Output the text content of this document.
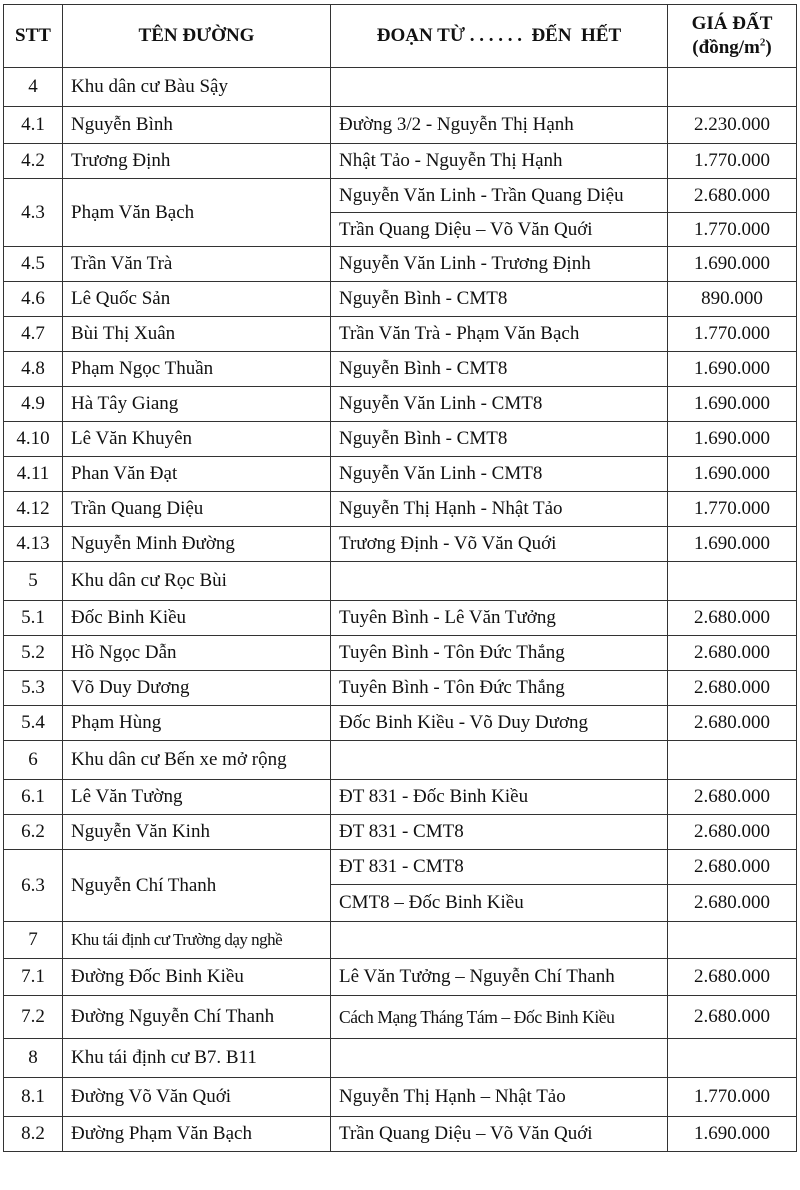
STT	TÊN ĐƯỜNG	ĐOẠN TỪ . . . . . .  ĐẾN  HẾT	GIÁ ĐẤT
$(đồng/m^2)$

4	Khu dân cư Bàu Sậy		
4.1	Nguyễn Bình	Đường 3/2 - Nguyễn Thị Hạnh	2.230.000
4.2	Trương Định	Nhật Tảo - Nguyễn Thị Hạnh	1.770.000
4.3	Phạm Văn Bạch	Nguyễn Văn Linh - Trần Quang Diệu	2.680.000
		Trần Quang Diệu – Võ Văn Quới	1.770.000
4.5	Trần Văn Trà	Nguyễn Văn Linh - Trương Định	1.690.000
4.6	Lê Quốc Sản	Nguyễn Bình - CMT8	890.000
4.7	Bùi Thị Xuân	Trần Văn Trà - Phạm Văn Bạch	1.770.000
4.8	Phạm Ngọc Thuần	Nguyễn Bình - CMT8	1.690.000
4.9	Hà Tây Giang	Nguyễn Văn Linh - CMT8	1.690.000
4.10	Lê Văn Khuyên	Nguyễn Bình - CMT8	1.690.000
4.11	Phan Văn Đạt	Nguyễn Văn Linh - CMT8	1.690.000
4.12	Trần Quang Diệu	Nguyễn Thị Hạnh - Nhật Tảo	1.770.000
4.13	Nguyễn Minh Đường	Trương Định - Võ Văn Quới	1.690.000
5	Khu dân cư Rọc Bùi		
5.1	Đốc Binh Kiều	Tuyên Bình - Lê Văn Tưởng	2.680.000
5.2	Hồ Ngọc Dẫn	Tuyên Bình - Tôn Đức Thắng	2.680.000
5.3	Võ Duy Dương	Tuyên Bình - Tôn Đức Thắng	2.680.000
5.4	Phạm Hùng	Đốc Binh Kiều - Võ Duy Dương	2.680.000
6	Khu dân cư Bến xe mở rộng		
6.1	Lê Văn Tường	ĐT 831 - Đốc Binh Kiều	2.680.000
6.2	Nguyễn Văn Kinh	ĐT 831 - CMT8	2.680.000
6.3	Nguyễn Chí Thanh	ĐT 831 - CMT8	2.680.000
		CMT8 – Đốc Binh Kiều	2.680.000
7	Khu tái định cư Trường dạy nghề		
7.1	Đường Đốc Binh Kiều	Lê Văn Tưởng – Nguyễn Chí Thanh	2.680.000
7.2	Đường Nguyễn Chí Thanh	Cách Mạng Tháng Tám – Đốc Binh Kiều	2.680.000
8	Khu tái định cư B7. B11		
8.1	Đường Võ Văn Quới	Nguyễn Thị Hạnh – Nhật Tảo	1.770.000
8.2	Đường Phạm Văn Bạch	Trần Quang Diệu – Võ Văn Quới	1.690.000
